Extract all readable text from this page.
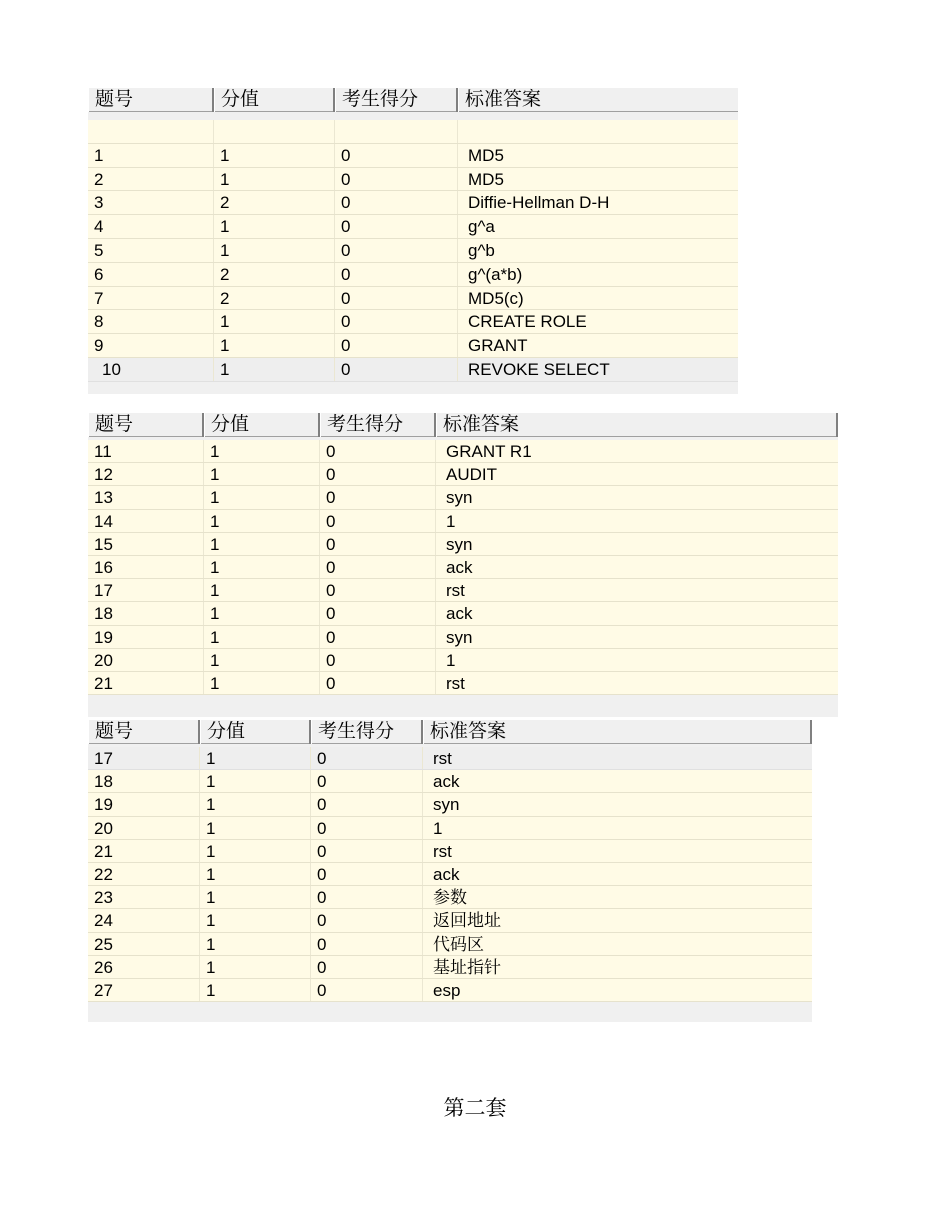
题号	分值	考生得分	标准答案
1	1	0	MD5
2	1	0	MD5
3	2	0	Diffie-Hellman D-H
4	1	0	g^a
5	1	0	g^b
6	2	0	g^(a*b)
7	2	0	MD5(c)
8	1	0	CREATE ROLE
9	1	0	GRANT
10	1	0	REVOKE SELECT
题号	分值	考生得分	标准答案
11	1	0	GRANT R1
12	1	0	AUDIT
13	1	0	syn
14	1	0	1
15	1	0	syn
16	1	0	ack
17	1	0	rst
18	1	0	ack
19	1	0	syn
20	1	0	1
21	1	0	rst
题号	分值	考生得分	标准答案
17	1	0	rst
18	1	0	ack
19	1	0	syn
20	1	0	1
21	1	0	rst
22	1	0	ack
23	1	0	参数
24	1	0	返回地址
25	1	0	代码区
26	1	0	基址指针
27	1	0	esp
第二套
